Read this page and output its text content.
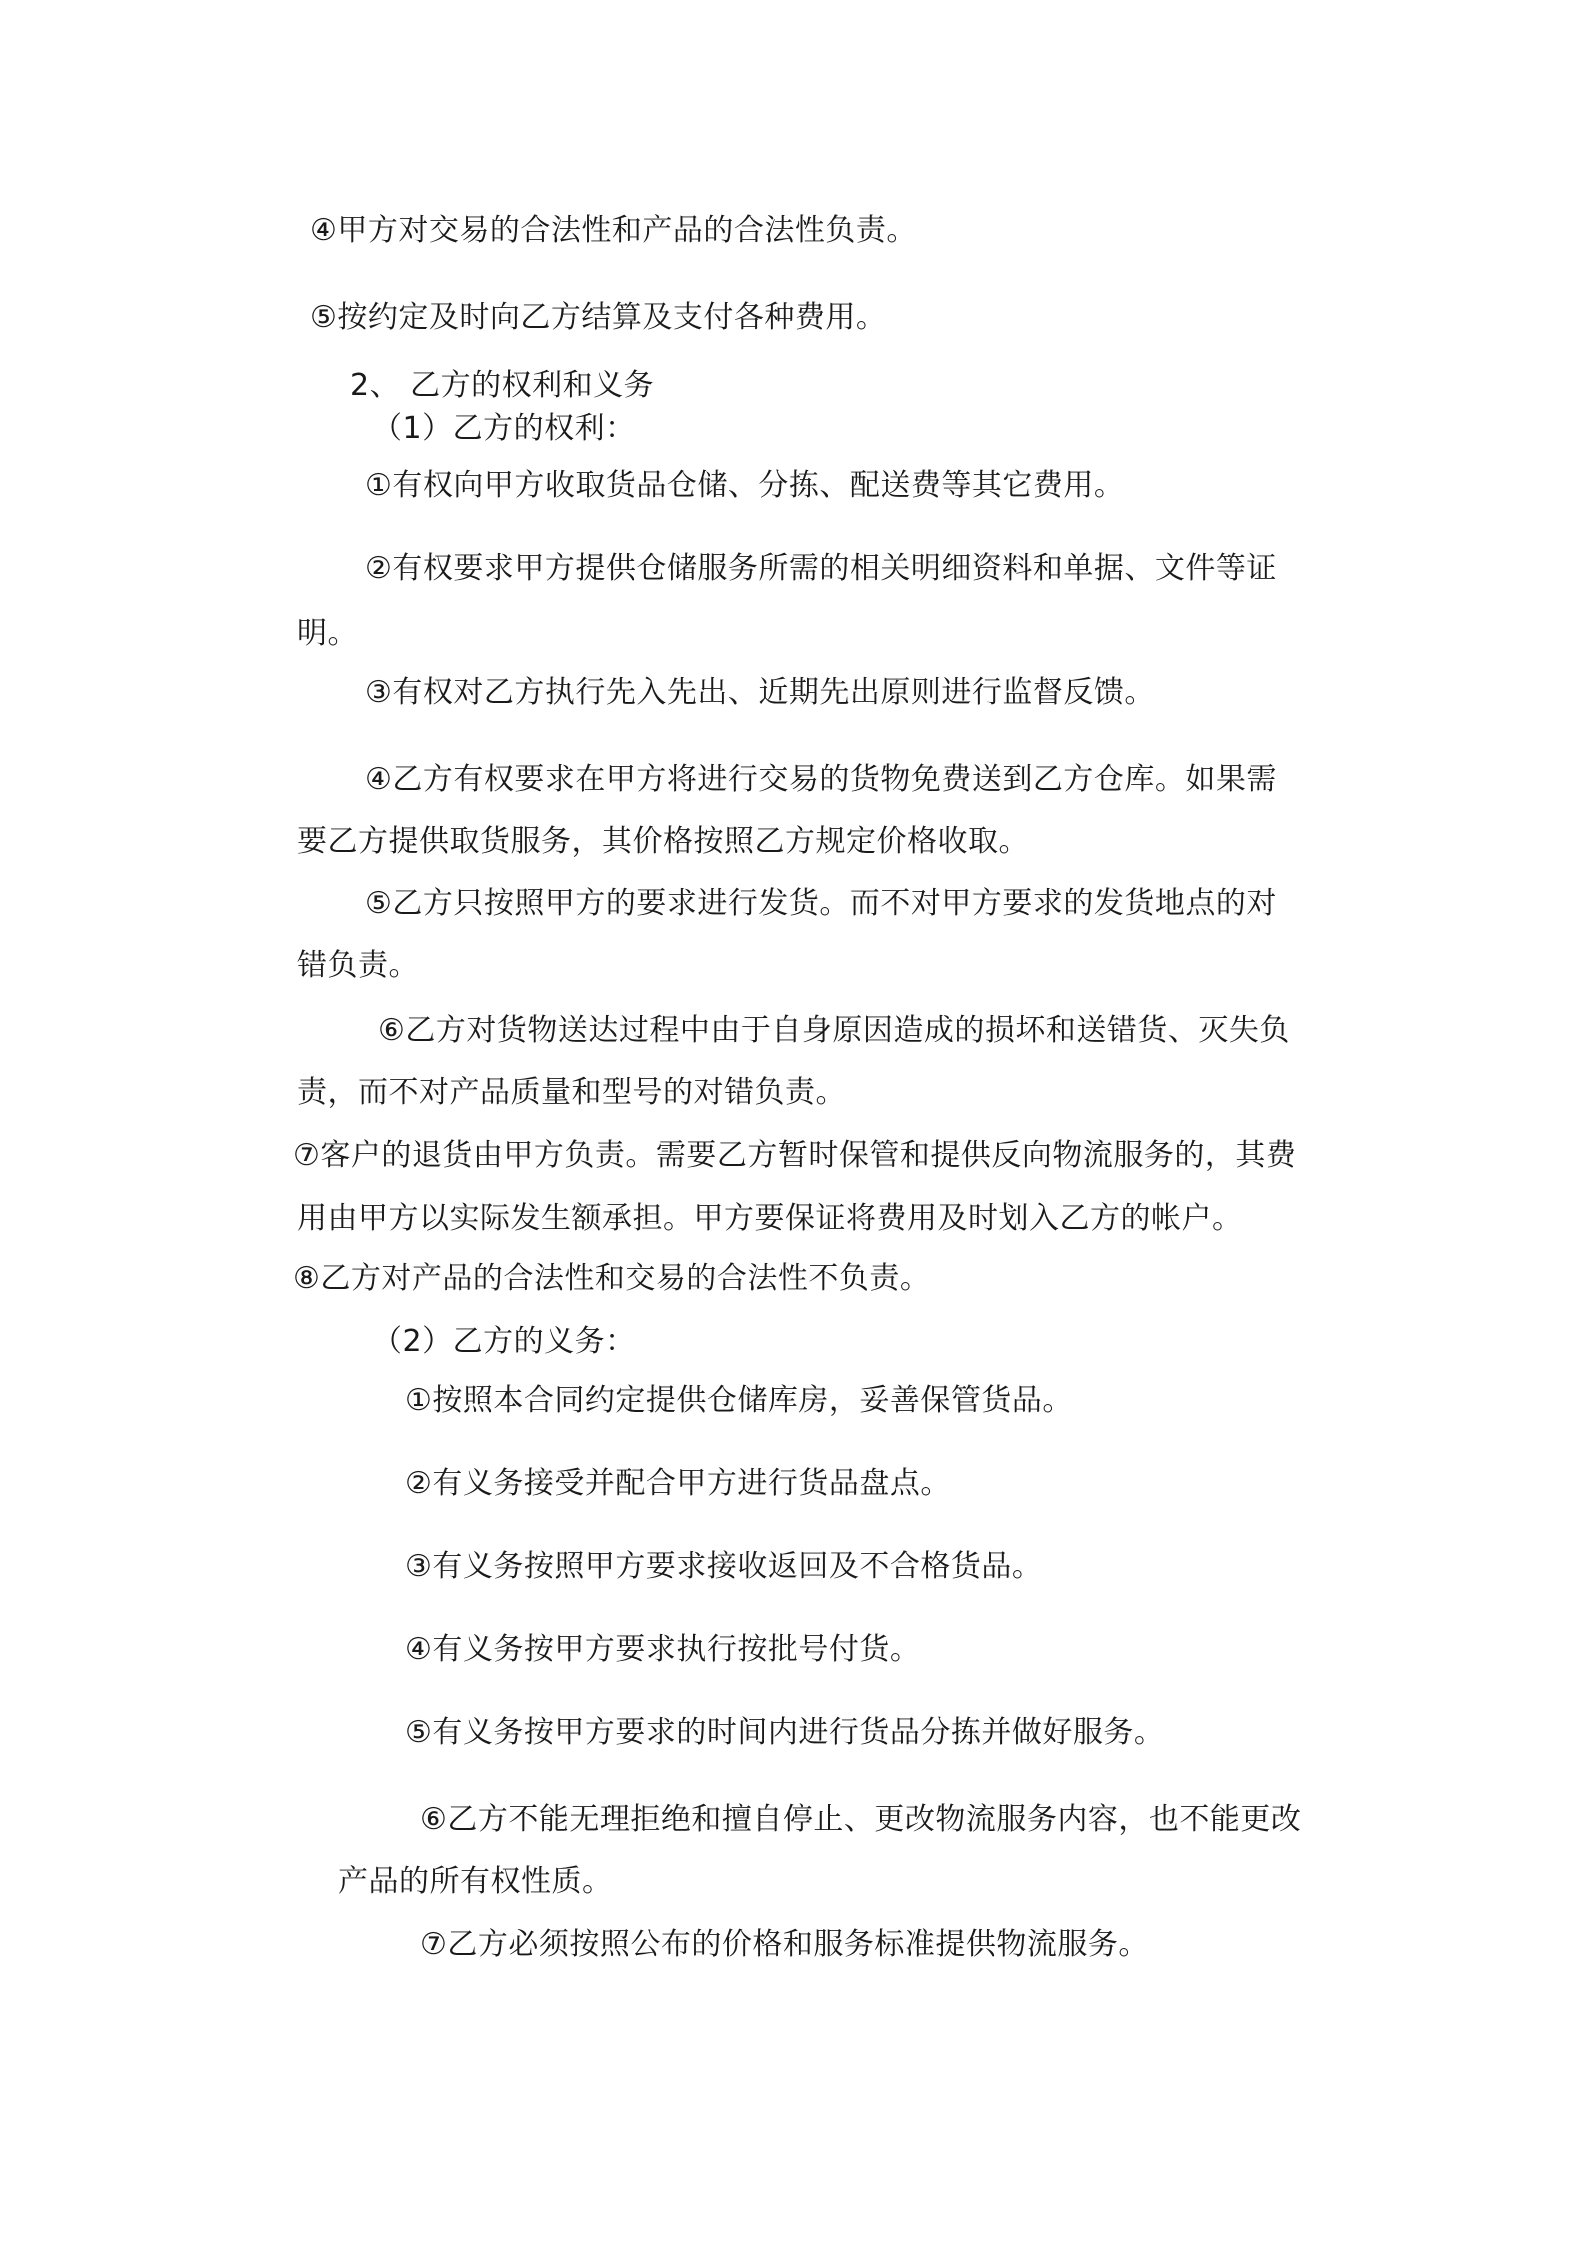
④甲方对交易的合法性和产品的合法性负责。
⑤按约定及时向乙方结算及支付各种费用。
2、 乙方的权利和义务
（1）乙方的权利：
①有权向甲方收取货品仓储、分拣、配送费等其它费用。
②有权要求甲方提供仓储服务所需的相关明细资料和单据、文件等证
明。
③有权对乙方执行先入先出、近期先出原则进行监督反馈。
④乙方有权要求在甲方将进行交易的货物免费送到乙方仓库。如果需
要乙方提供取货服务，其价格按照乙方规定价格收取。
⑤乙方只按照甲方的要求进行发货。而不对甲方要求的发货地点的对
错负责。
⑥乙方对货物送达过程中由于自身原因造成的损坏和送错货、灭失负
责，而不对产品质量和型号的对错负责。
⑦客户的退货由甲方负责。需要乙方暂时保管和提供反向物流服务的，其费
用由甲方以实际发生额承担。甲方要保证将费用及时划入乙方的帐户。
⑧乙方对产品的合法性和交易的合法性不负责。
（2）乙方的义务：
①按照本合同约定提供仓储库房，妥善保管货品。
②有义务接受并配合甲方进行货品盘点。
③有义务按照甲方要求接收返回及不合格货品。
④有义务按甲方要求执行按批号付货。
⑤有义务按甲方要求的时间内进行货品分拣并做好服务。
⑥乙方不能无理拒绝和擅自停止、更改物流服务内容，也不能更改
产品的所有权性质。
⑦乙方必须按照公布的价格和服务标准提供物流服务。
